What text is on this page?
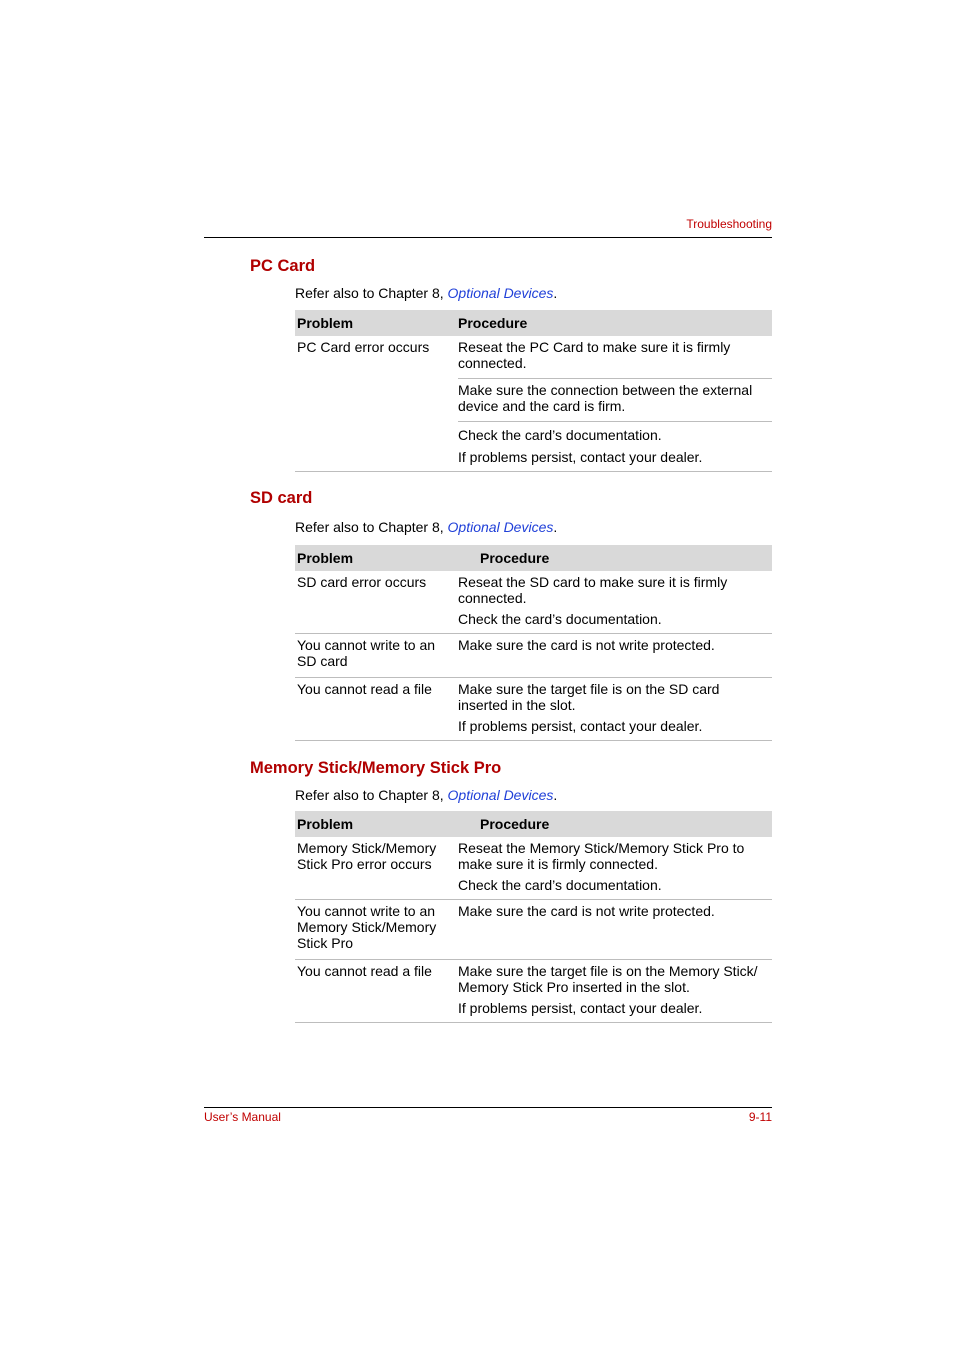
Troubleshooting
PC Card
Refer also to Chapter 8, Optional Devices.
Problem	Procedure
PC Card error occurs	Reseat the PC Card to make sure it is firmly connected.
Make sure the connection between the external device and the card is firm.
Check the card’s documentation.
If problems persist, contact your dealer.
SD card
Refer also to Chapter 8, Optional Devices.
Problem	Procedure
SD card error occurs	Reseat the SD card to make sure it is firmly connected.
Check the card’s documentation.

You cannot write to an SD card	Make sure the card is not write protected.

You cannot read a file	Make sure the target file is on the SD card inserted in the slot.
If problems persist, contact your dealer.
Memory Stick/Memory Stick Pro
Refer also to Chapter 8, Optional Devices.
Problem	Procedure
Memory Stick/Memory Stick Pro error occurs	Reseat the Memory Stick/Memory Stick Pro to make sure it is firmly connected.
Check the card’s documentation.

You cannot write to an Memory Stick/Memory Stick Pro	Make sure the card is not write protected.

You cannot read a file	Make sure the target file is on the Memory Stick/ Memory Stick Pro inserted in the slot.
If problems persist, contact your dealer.
User’s Manual	9-11
